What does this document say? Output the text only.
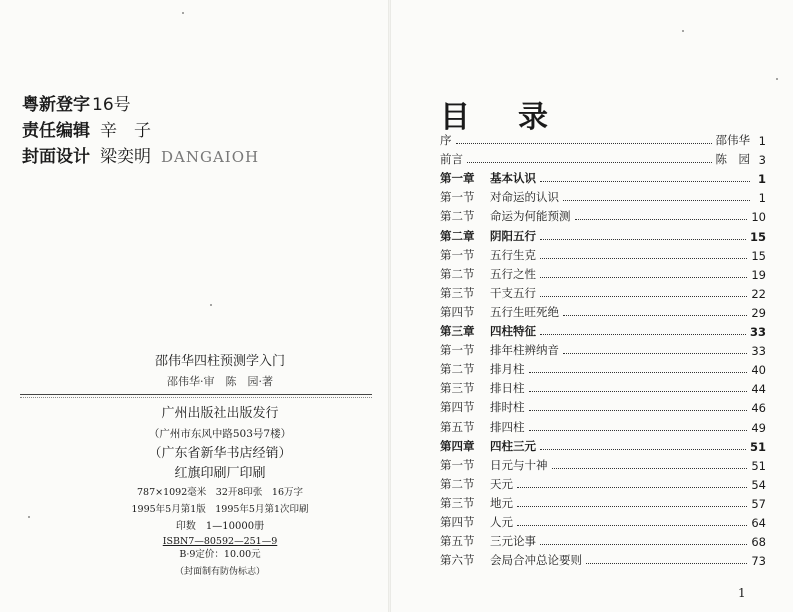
粤新登字 16号
责任编辑 辛　子
封面设计 梁奕明 DANGAIOH
邵伟华四柱预测学入门
邵伟华·审　陈　园·著
广州出版社出版发行
（广州市东风中路503号7楼）
（广东省新华书店经销）
红旗印刷厂印刷
787×1092毫米　32开8印张　16万字
1995年5月第1版　1995年5月第1次印刷
印数　1—10000册
ISBN7—80592—251—9
B·9定价：10.00元
（封面制有防伪标志）
目 录
序	邵伟华 1
前言	陈　园 3
第一章	基本认识	1
第一节	对命运的认识	1
第二节	命运为何能预测	10
第二章	阴阳五行	15
第一节	五行生克	15
第二节	五行之性	19
第三节	干支五行	22
第四节	五行生旺死绝	29
第三章	四柱特征	33
第一节	排年柱辨纳音	33
第二节	排月柱	40
第三节	排日柱	44
第四节	排时柱	46
第五节	排四柱	49
第四章	四柱三元	51
第一节	日元与十神	51
第二节	天元	54
第三节	地元	57
第四节	人元	64
第五节	三元论事	68
第六节	会局合冲总论要则	73
1
